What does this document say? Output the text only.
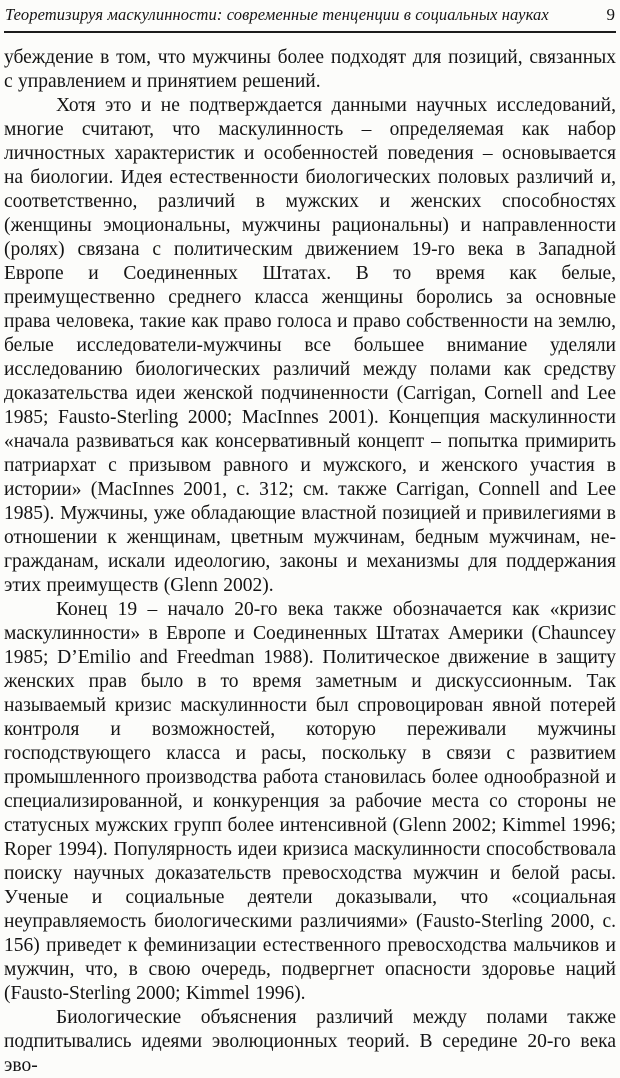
Теоретизируя маскулинности: современные тенценции в социальных науках	9

убеждение в том, что мужчины более подходят для позиций, связанных с управлением и принятием решений.

Хотя это и не подтверждается данными научных исследований, многие считают, что маскулинность – определяемая как набор личностных характеристик и особенностей поведения – основывается на биологии. Идея естественности биологических половых различий и, соответственно, различий в мужских и женских способностях (женщины эмоциональны, мужчины рациональны) и направленности (ролях) связана с политическим движением 19-го века в Западной Европе и Соединенных Штатах. В то время как белые, преимущественно среднего класса женщины боролись за основные права человека, такие как право голоса и право собственности на землю, белые исследователи-мужчины все большее внимание уделяли исследованию биологических различий между полами как средству доказательства идеи женской подчиненности (Carrigan, Cornell and Lee 1985; Fausto-Sterling 2000; MacInnes 2001). Концепция маскулинности «начала развиваться как консервативный концепт – попытка примирить патриархат с призывом равного и мужского, и женского участия в истории» (MacInnes 2001, с. 312; см. также Carrigan, Connell and Lee 1985). Мужчины, уже обладающие властной позицией и привилегиями в отношении к женщинам, цветным мужчинам, бедным мужчинам, не-гражданам, искали идеологию, законы и механизмы для поддержания этих преимуществ (Glenn 2002).

Конец 19 – начало 20-го века также обозначается как «кризис маскулинности» в Европе и Соединенных Штатах Америки (Chauncey 1985; D’Emilio and Freedman 1988). Политическое движение в защиту женских прав было в то время заметным и дискуссионным. Так называемый кризис маскулинности был спровоцирован явной потерей контроля и возможностей, которую переживали мужчины господствующего класса и расы, поскольку в связи с развитием промышленного производства работа становилась более однообразной и специализированной, и конкуренция за рабочие места со стороны не статусных мужских групп более интенсивной (Glenn 2002; Kimmel 1996; Roper 1994). Популярность идеи кризиса маскулинности способствовала поиску научных доказательств превосходства мужчин и белой расы. Ученые и социальные деятели доказывали, что «социальная неуправляемость биологическими различиями» (Fausto-Sterling 2000, с. 156) приведет к феминизации естественного превосходства мальчиков и мужчин, что, в свою очередь, подвергнет опасности здоровье наций (Fausto-Sterling 2000; Kimmel 1996).

Биологические объяснения различий между полами также подпитывались идеями эволюционных теорий. В середине 20-го века эво-
